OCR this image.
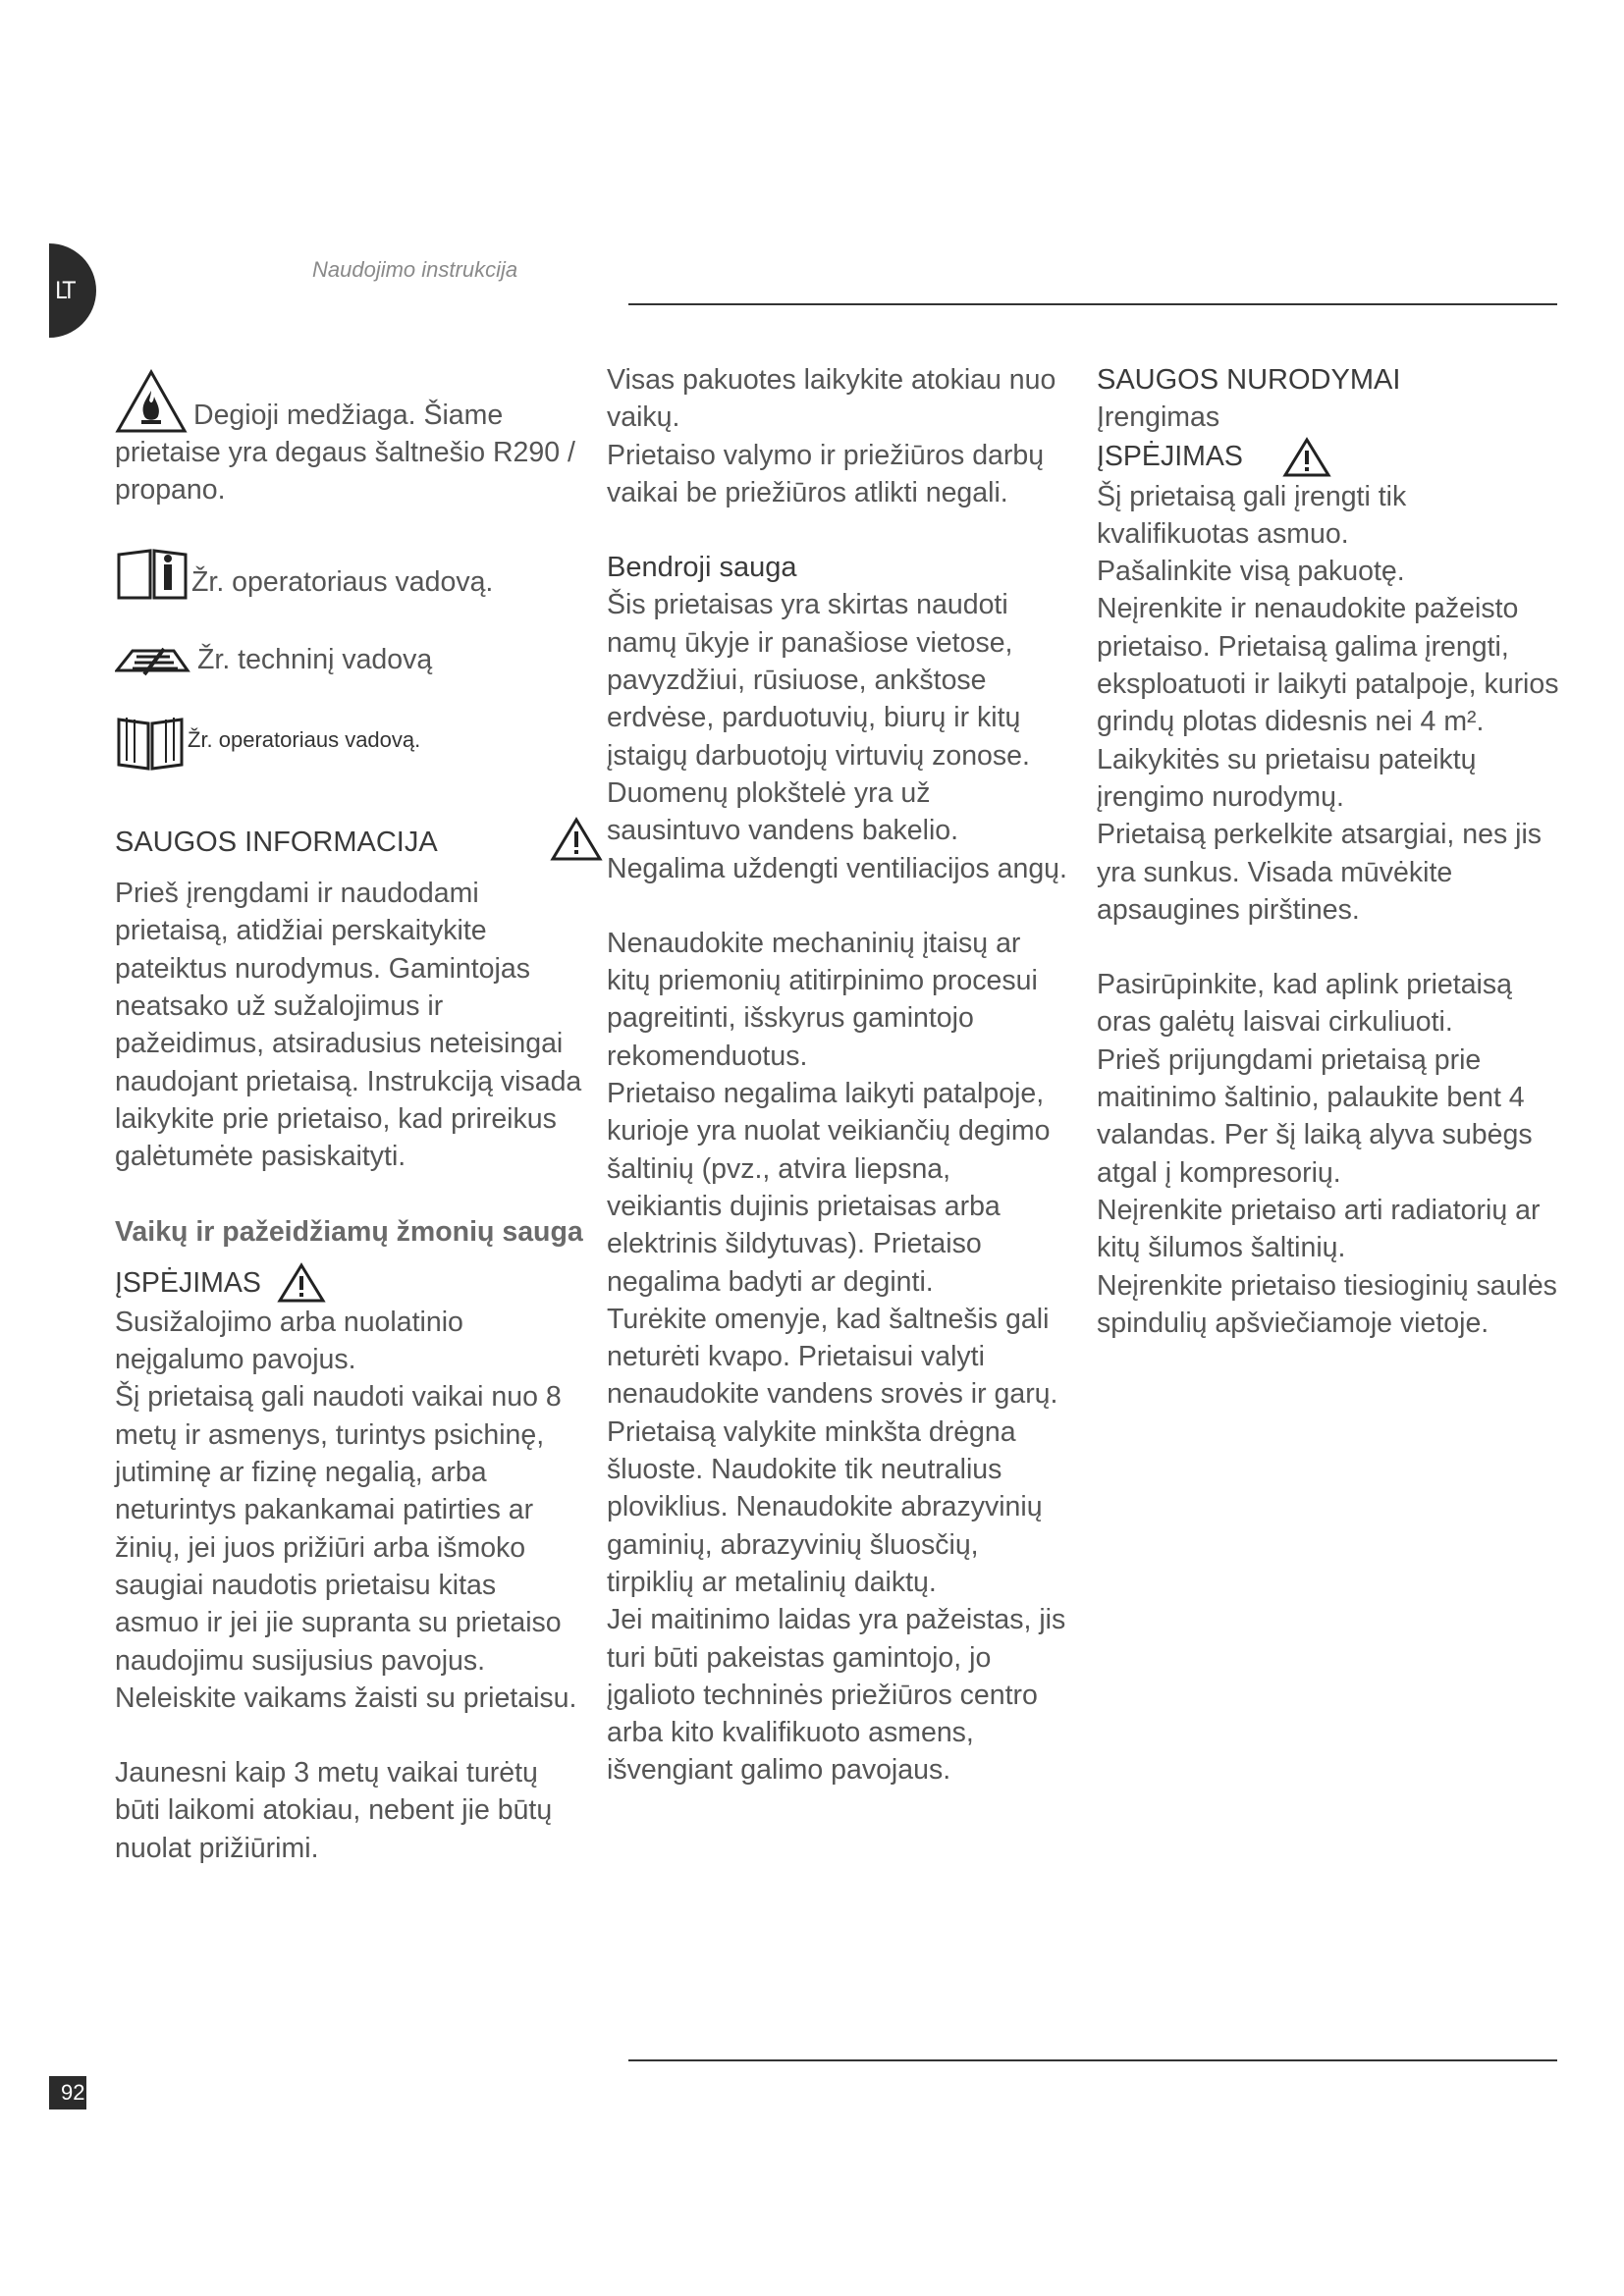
LT
Naudojimo instrukcija
Degioji medžiaga. Šiame

prietaise yra degaus šaltnešio R290 / propano.

Žr. operatoriaus vadovą.
Žr. techninį vadovą
Žr. operatoriaus vadovą.

SAUGOS INFORMACIJA

Prieš įrengdami ir naudodami prietaisą, atidžiai perskaitykite pateiktus nurodymus. Gamintojas neatsako už sužalojimus ir pažeidimus, atsiradusius neteisingai naudojant prietaisą. Instrukciją visada laikykite prie prietaiso, kad prireikus galėtumėte pasiskaityti.

Vaikų ir pažeidžiamų žmonių sauga

ĮSPĖJIMAS

Susižalojimo arba nuolatinio neįgalumo pavojus.

Šį prietaisą gali naudoti vaikai nuo 8 metų ir asmenys, turintys psichinę, jutiminę ar fizinę negalią, arba neturintys pakankamai patirties ar žinių, jei juos prižiūri arba išmoko saugiai naudotis prietaisu kitas asmuo ir jei jie supranta su prietaiso naudojimu susijusius pavojus.

Neleiskite vaikams žaisti su prietaisu.

Jaunesni kaip 3 metų vaikai turėtų būti laikomi atokiau, nebent jie būtų nuolat prižiūrimi.

Visas pakuotes laikykite atokiau nuo vaikų.

Prietaiso valymo ir priežiūros darbų vaikai be priežiūros atlikti negali.

Bendroji sauga

Šis prietaisas yra skirtas naudoti namų ūkyje ir panašiose vietose, pavyzdžiui, rūsiuose, ankštose erdvėse, parduotuvių, biurų ir kitų įstaigų darbuotojų virtuvių zonose. Duomenų plokštelė yra už sausintuvo vandens bakelio.

Negalima uždengti ventiliacijos angų.

Nenaudokite mechaninių įtaisų ar kitų priemonių atitirpinimo procesui pagreitinti, išskyrus gamintojo rekomenduotus.

Prietaiso negalima laikyti patalpoje, kurioje yra nuolat veikiančių degimo šaltinių (pvz., atvira liepsna, veikiantis dujinis prietaisas arba elektrinis šildytuvas). Prietaiso negalima badyti ar deginti.

Turėkite omenyje, kad šaltnešis gali neturėti kvapo. Prietaisui valyti nenaudokite vandens srovės ir garų.

Prietaisą valykite minkšta drėgna šluoste. Naudokite tik neutralius ploviklius. Nenaudokite abrazyvinių gaminių, abrazyvinių šluosčių, tirpiklių ar metalinių daiktų.

Jei maitinimo laidas yra pažeistas, jis turi būti pakeistas gamintojo, jo įgalioto techninės priežiūros centro arba kito kvalifikuoto asmens, išvengiant galimo pavojaus.

SAUGOS NURODYMAI

Įrengimas

ĮSPĖJIMAS

Šį prietaisą gali įrengti tik kvalifikuotas asmuo.

Pašalinkite visą pakuotę.

Neįrenkite ir nenaudokite pažeisto prietaiso. Prietaisą galima įrengti, eksploatuoti ir laikyti patalpoje, kurios grindų plotas didesnis nei 4 m². Laikykitės su prietaisu pateiktų įrengimo nurodymų.

Prietaisą perkelkite atsargiai, nes jis yra sunkus. Visada mūvėkite apsaugines pirštines.

Pasirūpinkite, kad aplink prietaisą oras galėtų laisvai cirkuliuoti.

Prieš prijungdami prietaisą prie maitinimo šaltinio, palaukite bent 4 valandas. Per šį laiką alyva subėgs atgal į kompresorių.

Neįrenkite prietaiso arti radiatorių ar kitų šilumos šaltinių.

Neįrenkite prietaiso tiesioginių saulės spindulių apšviečiamoje vietoje.

92
